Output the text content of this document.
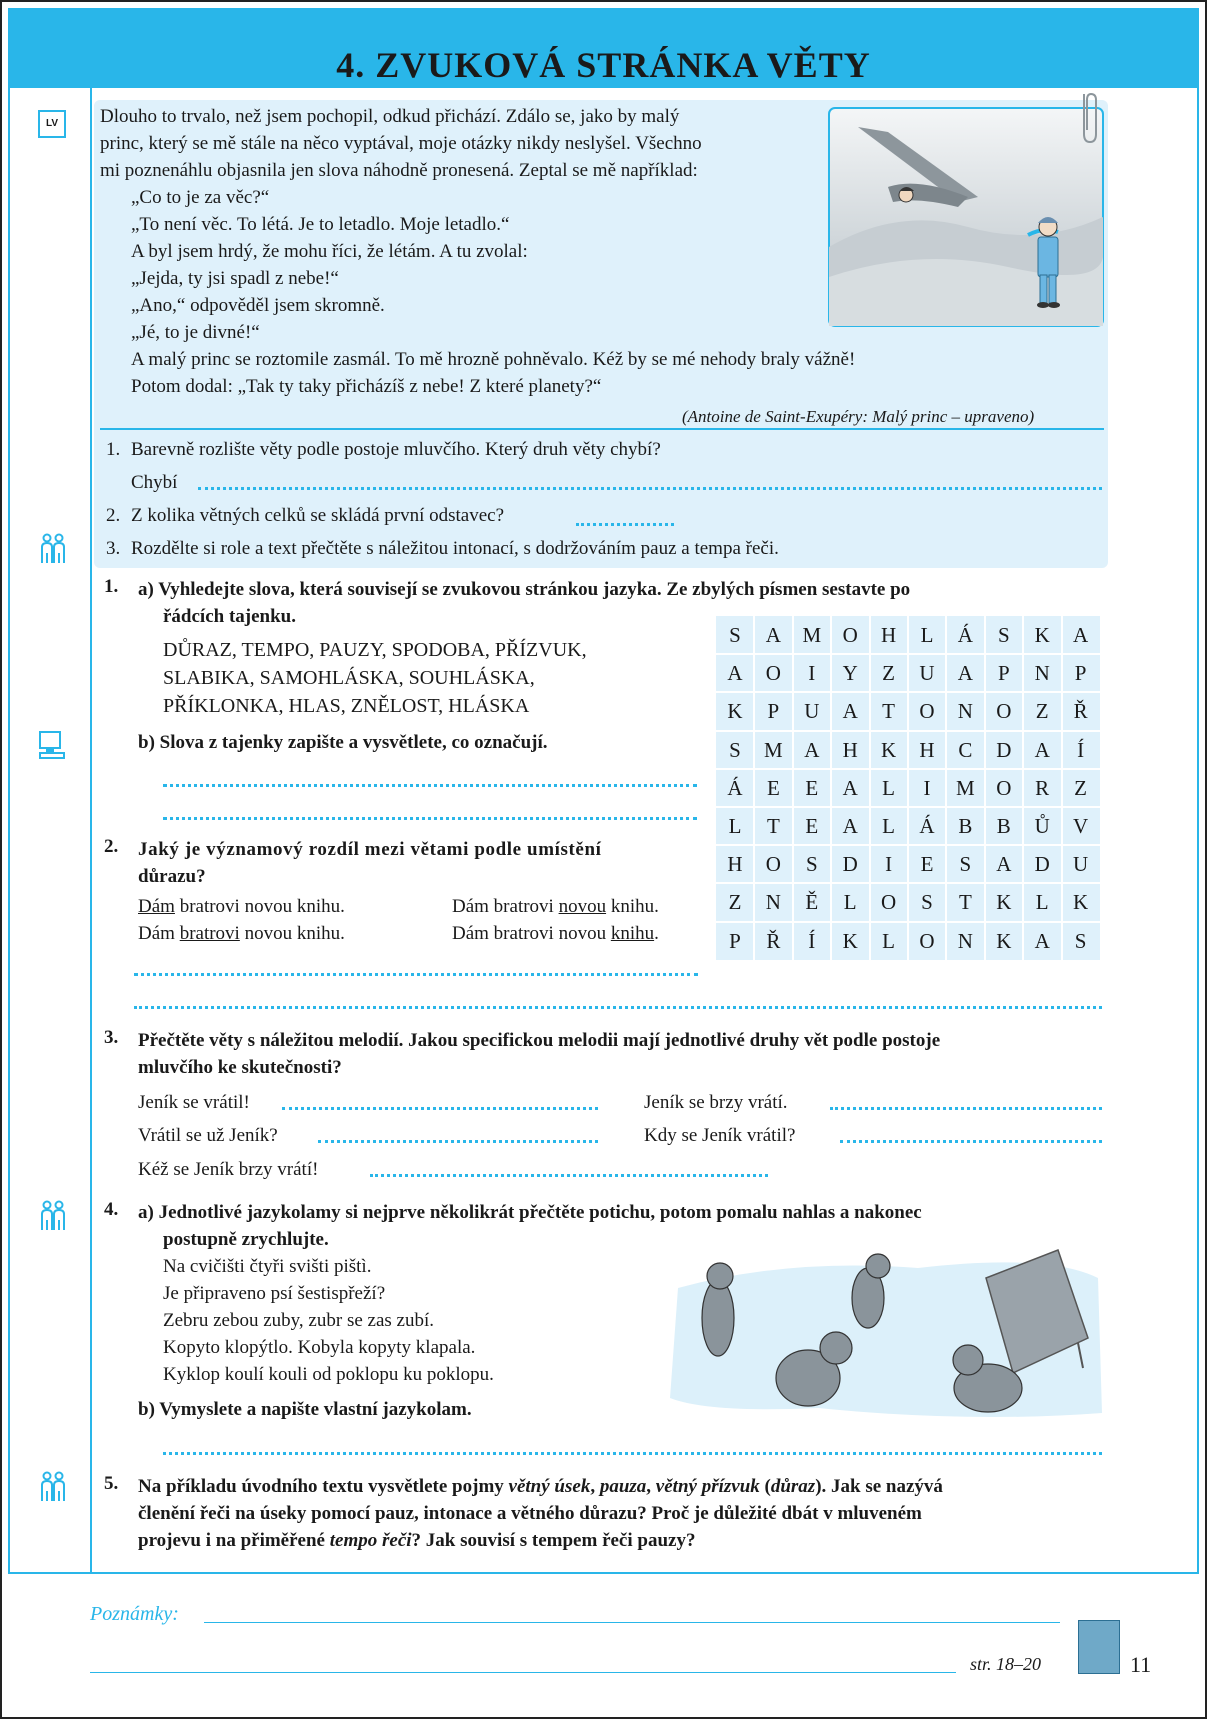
4. ZVUKOVÁ STRÁNKA VĚTY
LV	Dlouho to trvalo, než jsem pochopil, odkud přichází. Zdálo se, jako by malý
princ, který se mě stále na něco vyptával, moje otázky nikdy neslyšel. Všechno
mi poznenáhlu objasnila jen slova náhodně pronesená. Zeptal se mě například:
„Co to je za věc?“
„To není věc. To létá. Je to letadlo. Moje letadlo.“
A byl jsem hrdý, že mohu říci, že létám. A tu zvolal:
„Jejda, ty jsi spadl z nebe!“
„Ano,“ odpověděl jsem skromně.
„Jé, to je divné!“
A malý princ se roztomile zasmál. To mě hrozně pohněvalo. Kéž by se mé nehody braly vážně!
Potom dodal: „Tak ty taky přicházíš z nebe! Z které planety?“
(Antoine de Saint-Exupéry: Malý princ – upraveno)
1. Barevně rozlište věty podle postoje mluvčího. Který druh věty chybí?
Chybí
2. Z kolika větných celků se skládá první odstavec?
3. Rozdělte si role a text přečtěte s náležitou intonací, s dodržováním pauz a tempa řeči.
1. a) Vyhledejte slova, která souvisejí se zvukovou stránkou jazyka. Ze zbylých písmen sestavte po
řádcích tajenku.
DŮRAZ, TEMPO, PAUZY, SPODOBA, PŘÍZVUK,
SLABIKA, SAMOHLÁSKA, SOUHLÁSKA,
PŘÍKLONKA, HLAS, ZNĚLOST, HLÁSKA
b) Slova z tajenky zapište a vysvětlete, co označují.
S	A	M	O	H	L	Á	S	K	A
A	O	I	Y	Z	U	A	P	N	P
K	P	U	A	T	O	N	O	Z	Ř
S	M	A	H	K	H	C	D	A	Í
Á	E	E	A	L	I	M	O	R	Z
L	T	E	A	L	Á	B	B	Ů	V
H	O	S	D	I	E	S	A	D	U
Z	N	Ě	L	O	S	T	K	L	K
P	Ř	Í	K	L	O	N	K	A	S
2. Jaký je významový rozdíl mezi větami podle umístění
důrazu?
Dám bratrovi novou knihu.	Dám bratrovi novou knihu.
Dám bratrovi novou knihu.	Dám bratrovi novou knihu.
3. Přečtěte věty s náležitou melodií. Jakou specifickou melodii mají jednotlivé druhy vět podle postoje
mluvčího ke skutečnosti?
Jeník se vrátil!	Jeník se brzy vrátí.
Vrátil se už Jeník?	Kdy se Jeník vrátil?
Kéž se Jeník brzy vrátí!
4. a) Jednotlivé jazykolamy si nejprve několikrát přečtěte potichu, potom pomalu nahlas a nakonec
postupně zrychlujte.
Na cvičišti čtyři svišti pištì.
Je připraveno psí šestispřeží?
Zebru zebou zuby, zubr se zas zubí.
Kopyto klopýtlo. Kobyla kopyty klapala.
Kyklop koulí kouli od poklopu ku poklopu.
b) Vymyslete a napište vlastní jazykolam.
5. Na příkladu úvodního textu vysvětlete pojmy větný úsek, pauza, větný přízvuk (důraz). Jak se nazývá
členění řeči na úseky pomocí pauz, intonace a větného důrazu? Proč je důležité dbát v mluveném
projevu i na přiměřené tempo řeči? Jak souvisí s tempem řeči pauzy?
Poznámky:
str. 18–20	11
